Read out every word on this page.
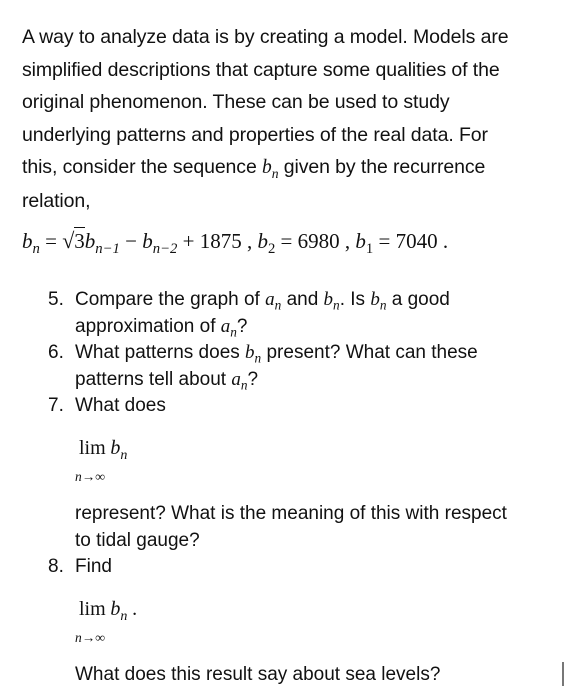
A way to analyze data is by creating a model. Models are
simplified descriptions that capture some qualities of the
original phenomenon. These can be used to study
underlying patterns and properties of the real data. For
this, consider the sequence $b_n$ given by the recurrence
relation,

$b_n = √3b_{n-1} - b_{n-2} + 1875$ , $b_2 = 6980$ , $b_1 = 7040$ .
5. Compare the graph of $a_n$ and $b_n$. Is $b_n$ a good
approximation of $a_n$?
6. What patterns does $b_n$ present? What can these
patterns tell about $a_n$?
7. What does
$\lim b_n$
n→∞
represent? What is the meaning of this with respect
to tidal gauge?
8. Find
$\lim b_n$ .
n→∞
What does this result say about sea levels?
